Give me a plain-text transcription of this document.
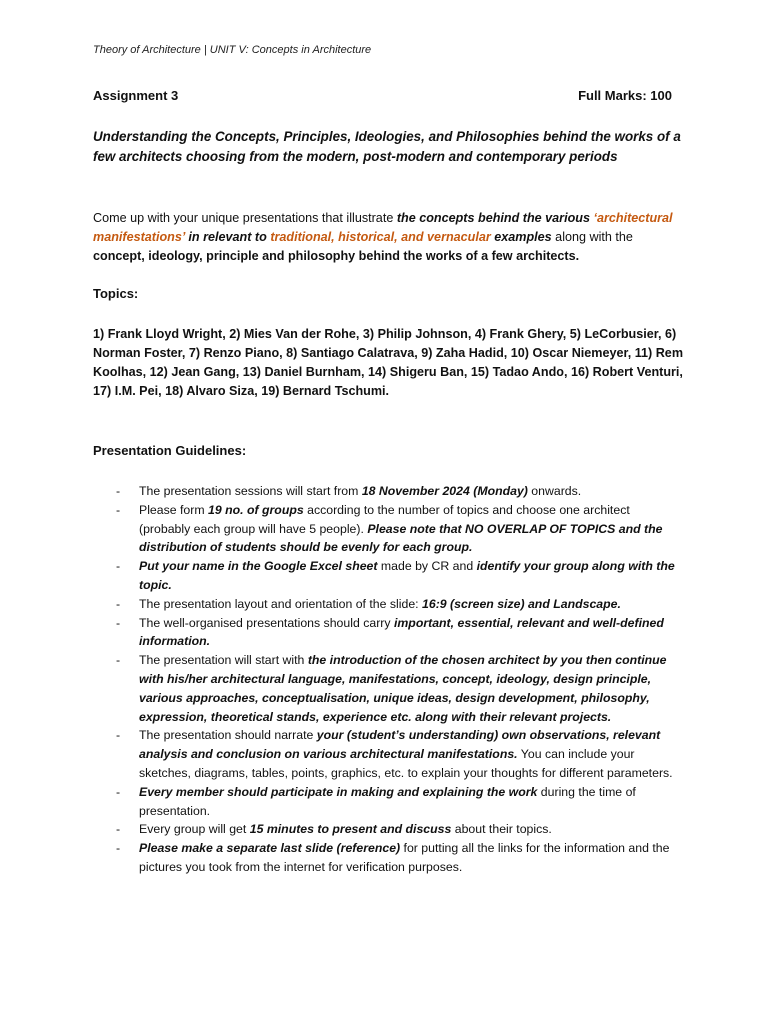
Theory of Architecture | UNIT V: Concepts in Architecture
Assignment 3	Full Marks: 100
Understanding the Concepts, Principles, Ideologies, and Philosophies behind the works of a few architects choosing from the modern, post-modern and contemporary periods
Come up with your unique presentations that illustrate the concepts behind the various ‘architectural manifestations’ in relevant to traditional, historical, and vernacular examples along with the concept, ideology, principle and philosophy behind the works of a few architects.
Topics:
1) Frank Lloyd Wright, 2) Mies Van der Rohe, 3) Philip Johnson, 4) Frank Ghery, 5) LeCorbusier, 6) Norman Foster, 7) Renzo Piano, 8) Santiago Calatrava, 9) Zaha Hadid, 10) Oscar Niemeyer, 11) Rem Koolhas, 12) Jean Gang, 13) Daniel Burnham, 14) Shigeru Ban, 15) Tadao Ando, 16) Robert Venturi, 17) I.M. Pei, 18) Alvaro Siza, 19) Bernard Tschumi.
Presentation Guidelines:
- The presentation sessions will start from 18 November 2024 (Monday) onwards.
- Please form 19 no. of groups according to the number of topics and choose one architect (probably each group will have 5 people). Please note that NO OVERLAP OF TOPICS and the distribution of students should be evenly for each group.
- Put your name in the Google Excel sheet made by CR and identify your group along with the topic.
- The presentation layout and orientation of the slide: 16:9 (screen size) and Landscape.
- The well-organised presentations should carry important, essential, relevant and well-defined information.
- The presentation will start with the introduction of the chosen architect by you then continue with his/her architectural language, manifestations, concept, ideology, design principle, various approaches, conceptualisation, unique ideas, design development, philosophy, expression, theoretical stands, experience etc. along with their relevant projects.
- The presentation should narrate your (student’s understanding) own observations, relevant analysis and conclusion on various architectural manifestations. You can include your sketches, diagrams, tables, points, graphics, etc. to explain your thoughts for different parameters.
- Every member should participate in making and explaining the work during the time of presentation.
- Every group will get 15 minutes to present and discuss about their topics.
- Please make a separate last slide (reference) for putting all the links for the information and the pictures you took from the internet for verification purposes.
